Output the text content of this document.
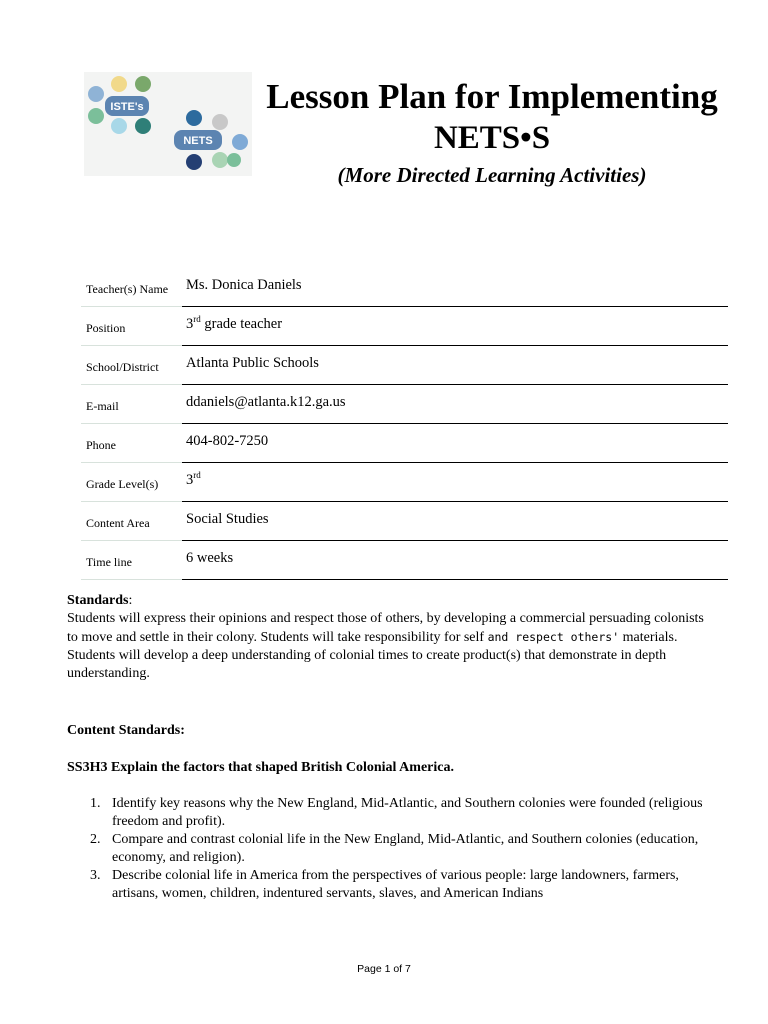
ISTE's
NETS
Lesson Plan for Implementing
NETS•S
(More Directed Learning Activities)
Teacher(s) Name	Ms. Donica Daniels
Position	3rd grade teacher
School/District	Atlanta Public Schools
E-mail	ddaniels@atlanta.k12.ga.us
Phone	404-802-7250
Grade Level(s)	3rd
Content Area	Social Studies
Time line	6 weeks
Standards:
Students will express their opinions and respect those of others, by developing a commercial persuading colonists to move and settle in their colony. Students will take responsibility for self and respect others' materials. Students will develop a deep understanding of colonial times to create product(s) that demonstrate in depth understanding.
Content Standards:
SS3H3 Explain the factors that shaped British Colonial America.
1. Identify key reasons why the New England, Mid-Atlantic, and Southern colonies were founded (religious freedom and profit).
2. Compare and contrast colonial life in the New England, Mid-Atlantic, and Southern colonies (education, economy, and religion).
3. Describe colonial life in America from the perspectives of various people: large landowners, farmers, artisans, women, children, indentured servants, slaves, and American Indians
Page 1 of 7
